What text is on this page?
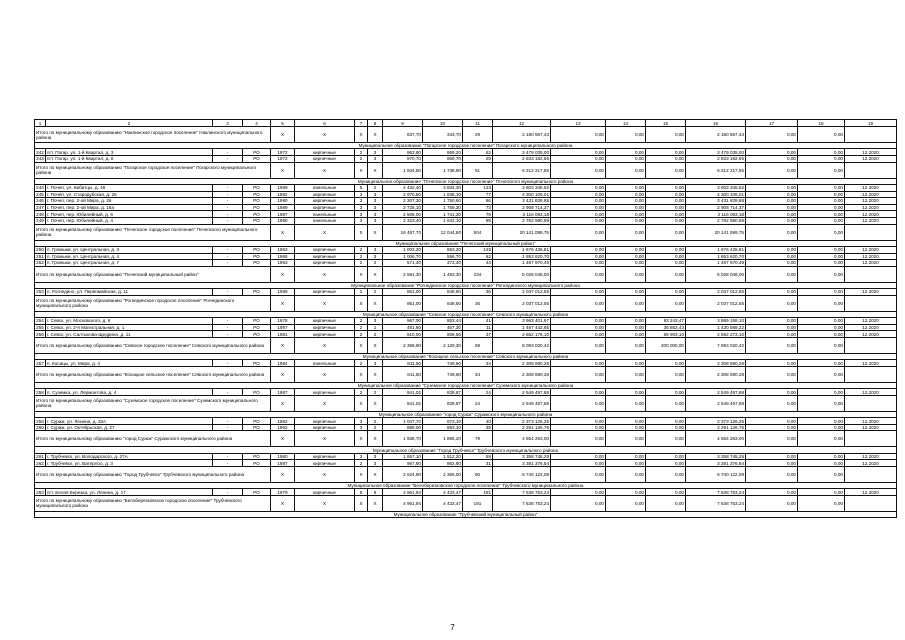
1	2	3	4	5	6	7	8	9	10	11	12	13	14	15	16	17	18	19
Итого по муниципальному образованию "Наклинское городское поселение" Наклинского муниципального района				X	X	X	X	637,70	343,70	29	2 180 567,43	0,00	0,00	0,00	2 180 567,43	0,00	0,00	
Муниципальное образование "Погарское городское поселение" Погарского муниципального района																		
242	пгт. Погар, ул. 1-й Квартал, д. 3	-	РО	1972	кирпичные	2	3	963,80	869,20	62	3 479 035,00	0,00	0,00	0,00	3 479 035,00	0,00	0,00	12.2020
243	пгт. Погар, ул. 1-й Квартал, д. 6	-	РО	1972	кирпичные	2	3	970,70	869,70	29	2 833 182,55	0,00	0,00	0,00	2 833 182,55	0,00	0,00	12.2020
Итого по муниципальному образованию "Погарское городское поселение" Погарского муниципального района				X	X	X	X	1 934,50	1 738,90	91	6 312 217,55	0,00	0,00	0,00	6 312 217,55	0,00	0,00	
Муниципальное образование "Почепское городское поселение" Почепского муниципального района																		
244	г. Почеп, ул. Кибитцы, д. 48	-	РО	1989	панельные	5	2	4 432,40	3 834,30	133	3 603 345,62	0,00	0,00	0,00	3 603 345,62	0,00	0,00	12.2020
245	г. Почеп, ул. Стародубская, д. 26	-	РО	1982	кирпичные	3	3	2 970,50	1 838,10	77	4 300 106,01	0,00	0,00	0,00	4 300 106,01	0,00	0,00	12.2020
246	г. Почеп, пер. 2-ой Мира, д. 26	-	РО	1990	кирпичные	3	3	2 307,30	1 750,60	66	3 431 839,88	0,00	0,00	0,00	3 431 839,88	0,00	0,00	12.2020
247	г. Почеп, пер. 2-ой Мира, д. 16а	-	РО	1989	кирпичные	3	3	2 725,10	1 758,30	73	2 908 714,37	0,00	0,00	0,00	2 908 714,37	0,00	0,00	12.2020
248	г. Почеп, пер. Юбилейный, д. 6	-	РО	1987	панельные	3	3	2 508,00	1 741,20	79	3 116 093,18	0,00	0,00	0,00	3 116 093,18	0,00	0,00	12.2020
249	г. Почеп, пер. Юбилейный, д. 4	-	РО	1990	панельные	3	3	2 323,40	1 642,10	95	2 782 990,69	0,00	0,00	0,00	2 782 990,69	0,00	0,00	12.2020
Итого по муниципальному образованию "Почепское городское поселение" Почепского муниципального района				X	X	X	X	16 467,70	12 044,80	504	20 141 089,75	0,00	0,00	0,00	20 141 089,75	0,00	0,00	
Муниципальное образование "Почепский муниципальный район"																		
250	п. Громыки, ул. Центральная, д. 3	-	РО	1963	кирпичные	2	3	1 003,20	553,20	125	1 676 436,81	0,00	0,00	0,00	1 676 436,81	0,00	0,00	12.2020
251	п. Громыки, ул. Центральная, д. 4	-	РО	1966	кирпичные	2	3	1 006,70	556,70	62	1 863 620,70	0,00	0,00	0,00	1 863 620,70	0,00	0,00	12.2020
252	п. Громыки, ул. Центральная, д. 7	-	РО	1963	кирпичные	2	2	571,40	373,40	44	1 487 970,49	0,00	0,00	0,00	1 487 970,49	0,00	0,00	12.2020
Итого по муниципальному образованию "Почепский муниципальный район"				X	X	X	X	2 581,30	1 483,30	234	5 028 048,00	0,00	0,00	0,00	5 028 048,00	0,00	0,00	
Муниципальное образование "Рогнединское городское поселение" Рогнединского муниципального района																		
253	п. Рогнедино, ул. Первомайская, д. 11	-	РО	1988	кирпичные	2	2	861,00	848,60	36	2 037 012,55	0,00	0,00	0,00	2 037 012,55	0,00	0,00	12.2020
Итого по муниципальному образованию "Рогнединское городское поселение" Рогнединского муниципального района				X	X	X	X	861,00	848,60	36	2 037 012,55	0,00	0,00	0,00	2 037 012,55	0,00	0,00	
Муниципальное образование "Севское городское поселение" Севского муниципального района																		
254	г. Севск, ул. Московского, д. 6	-	РО	1978	кирпичные	2	3	967,00	853,44	41	3 963 401,67	0,00	0,00	93 243,47	3 869 158,10	0,00	0,00	12.2020
255	г. Севск, ул. 2-я Магистральная, д. 1	-	РО	1997	кирпичные	2	1	481,60	467,30	11	1 467 442,65	0,00	0,00	36 853,43	1 430 589,22	0,00	0,00	12.2020
256	г. Севск, ул. Салтыкова-Щедрина, д. 11	-	РО	1981	кирпичные	2	2	910,00	808,56	37	2 662 176,10	0,00	0,00	69 903,10	2 592 273,10	0,00	0,00	12.2020
Итого по муниципальному образованию "Севское городское поселение" Севского муниципального района				X	X	X	X	2 358,60	2 129,30	89	8 093 020,42	0,00	0,00	200 000,00	7 893 020,42	0,00	0,00	
Муниципальное образование "Косицкое сельское поселение" Севского муниципального района																		
257	п. Косицы, ул. Мира, д. 4	-	РО	1984	панельные	2	3	811,50	749,60	34	2 308 690,28	0,00	0,00	0,00	2 308 690,28	0,00	0,00	12.2020
Итого по муниципальному образованию "Косицкое сельское поселение" Севского муниципального района				X	X	X	X	811,50	749,60	34	2 308 690,28	0,00	0,00	0,00	2 308 690,28	0,00	0,00	
Муниципальное образование "Суземское городское поселение" Суземского муниципального района																		
258	п. Суземка, ул. Лермонтова, д. 4	-	РО	1987	кирпичные	2	2	941,02	839,87	24	2 549 497,88	0,00	0,00	0,00	2 549 497,88	0,00	0,00	12.2020
Итого по муниципальному образованию "Суземское городское поселение" Суземского муниципального района				X	X	X	X	941,02	839,87	24	2 549 497,88	0,00	0,00	0,00	2 549 497,88	0,00	0,00	
Муниципальное образование "город Сураж" Суражского муниципального района																		
259	г. Сураж, ул. Ленина, д. 32А	-	РО	1982	кирпичные	3	2	1 047,70	973,10	40	2 373 126,25	0,00	0,00	0,00	2 373 126,25	0,00	0,00	12.2020
260	г. Сураж, ул. Октябрьская, д. 27	-	РО	1962	кирпичные	3	2	889,00	893,10	39	2 291 136,75	0,00	0,00	0,00	2 291 136,75	0,00	0,00	12.2020
Итого по муниципальному образованию "город Сураж" Суражского муниципального района				X	X	X	X	1 936,70	1 866,20	79	4 664 263,00	0,00	0,00	0,00	4 664 263,00	0,00	0,00	
Муниципальное образование "Город Трубчевск" Трубчевского муниципального района																		
261	г. Трубчевск, ул. Володарского, д. 27А	-	РО	1980	кирпичные	3	3	1 657,10	1 512,20	59	3 358 745,25	0,00	0,00	0,00	3 358 745,25	0,00	0,00	12.2020
262	г. Трубчевск, ул. Ватерлоо, д. 3	-	РО	1987	кирпичные	2	3	967,80	862,80	31	3 381 376,84	0,00	0,00	0,00	3 381 376,84	0,00	0,00	12.2020
Итого по муниципальному образованию "Город Трубчевск" Трубчевского муниципального района				X	X	X	X	2 624,90	2 365,00	90	6 740 122,09	0,00	0,00	0,00	6 740 122,09	0,00	0,00	
Муниципальное образование "Белоберезковское городское поселение" Трубчевского муниципального района																		
263	пгт. Белая Березка, ул. Ленина, д. 17	-	РО	1979	кирпичные	5	6	4 961,94	4 433,47	191	7 638 753,24	0,00	0,00	0,00	7 638 753,24	0,00	0,00	12.2020
Итого по муниципальному образованию "Белоберезковское городское поселение" Трубчевского муниципального района				X	X	X	X	4 961,94	4 433,47	191	7 638 753,24	0,00	0,00	0,00	7 638 753,24	0,00	0,00	
Муниципальное образование "Трубчевский муниципальный район"																		
7
